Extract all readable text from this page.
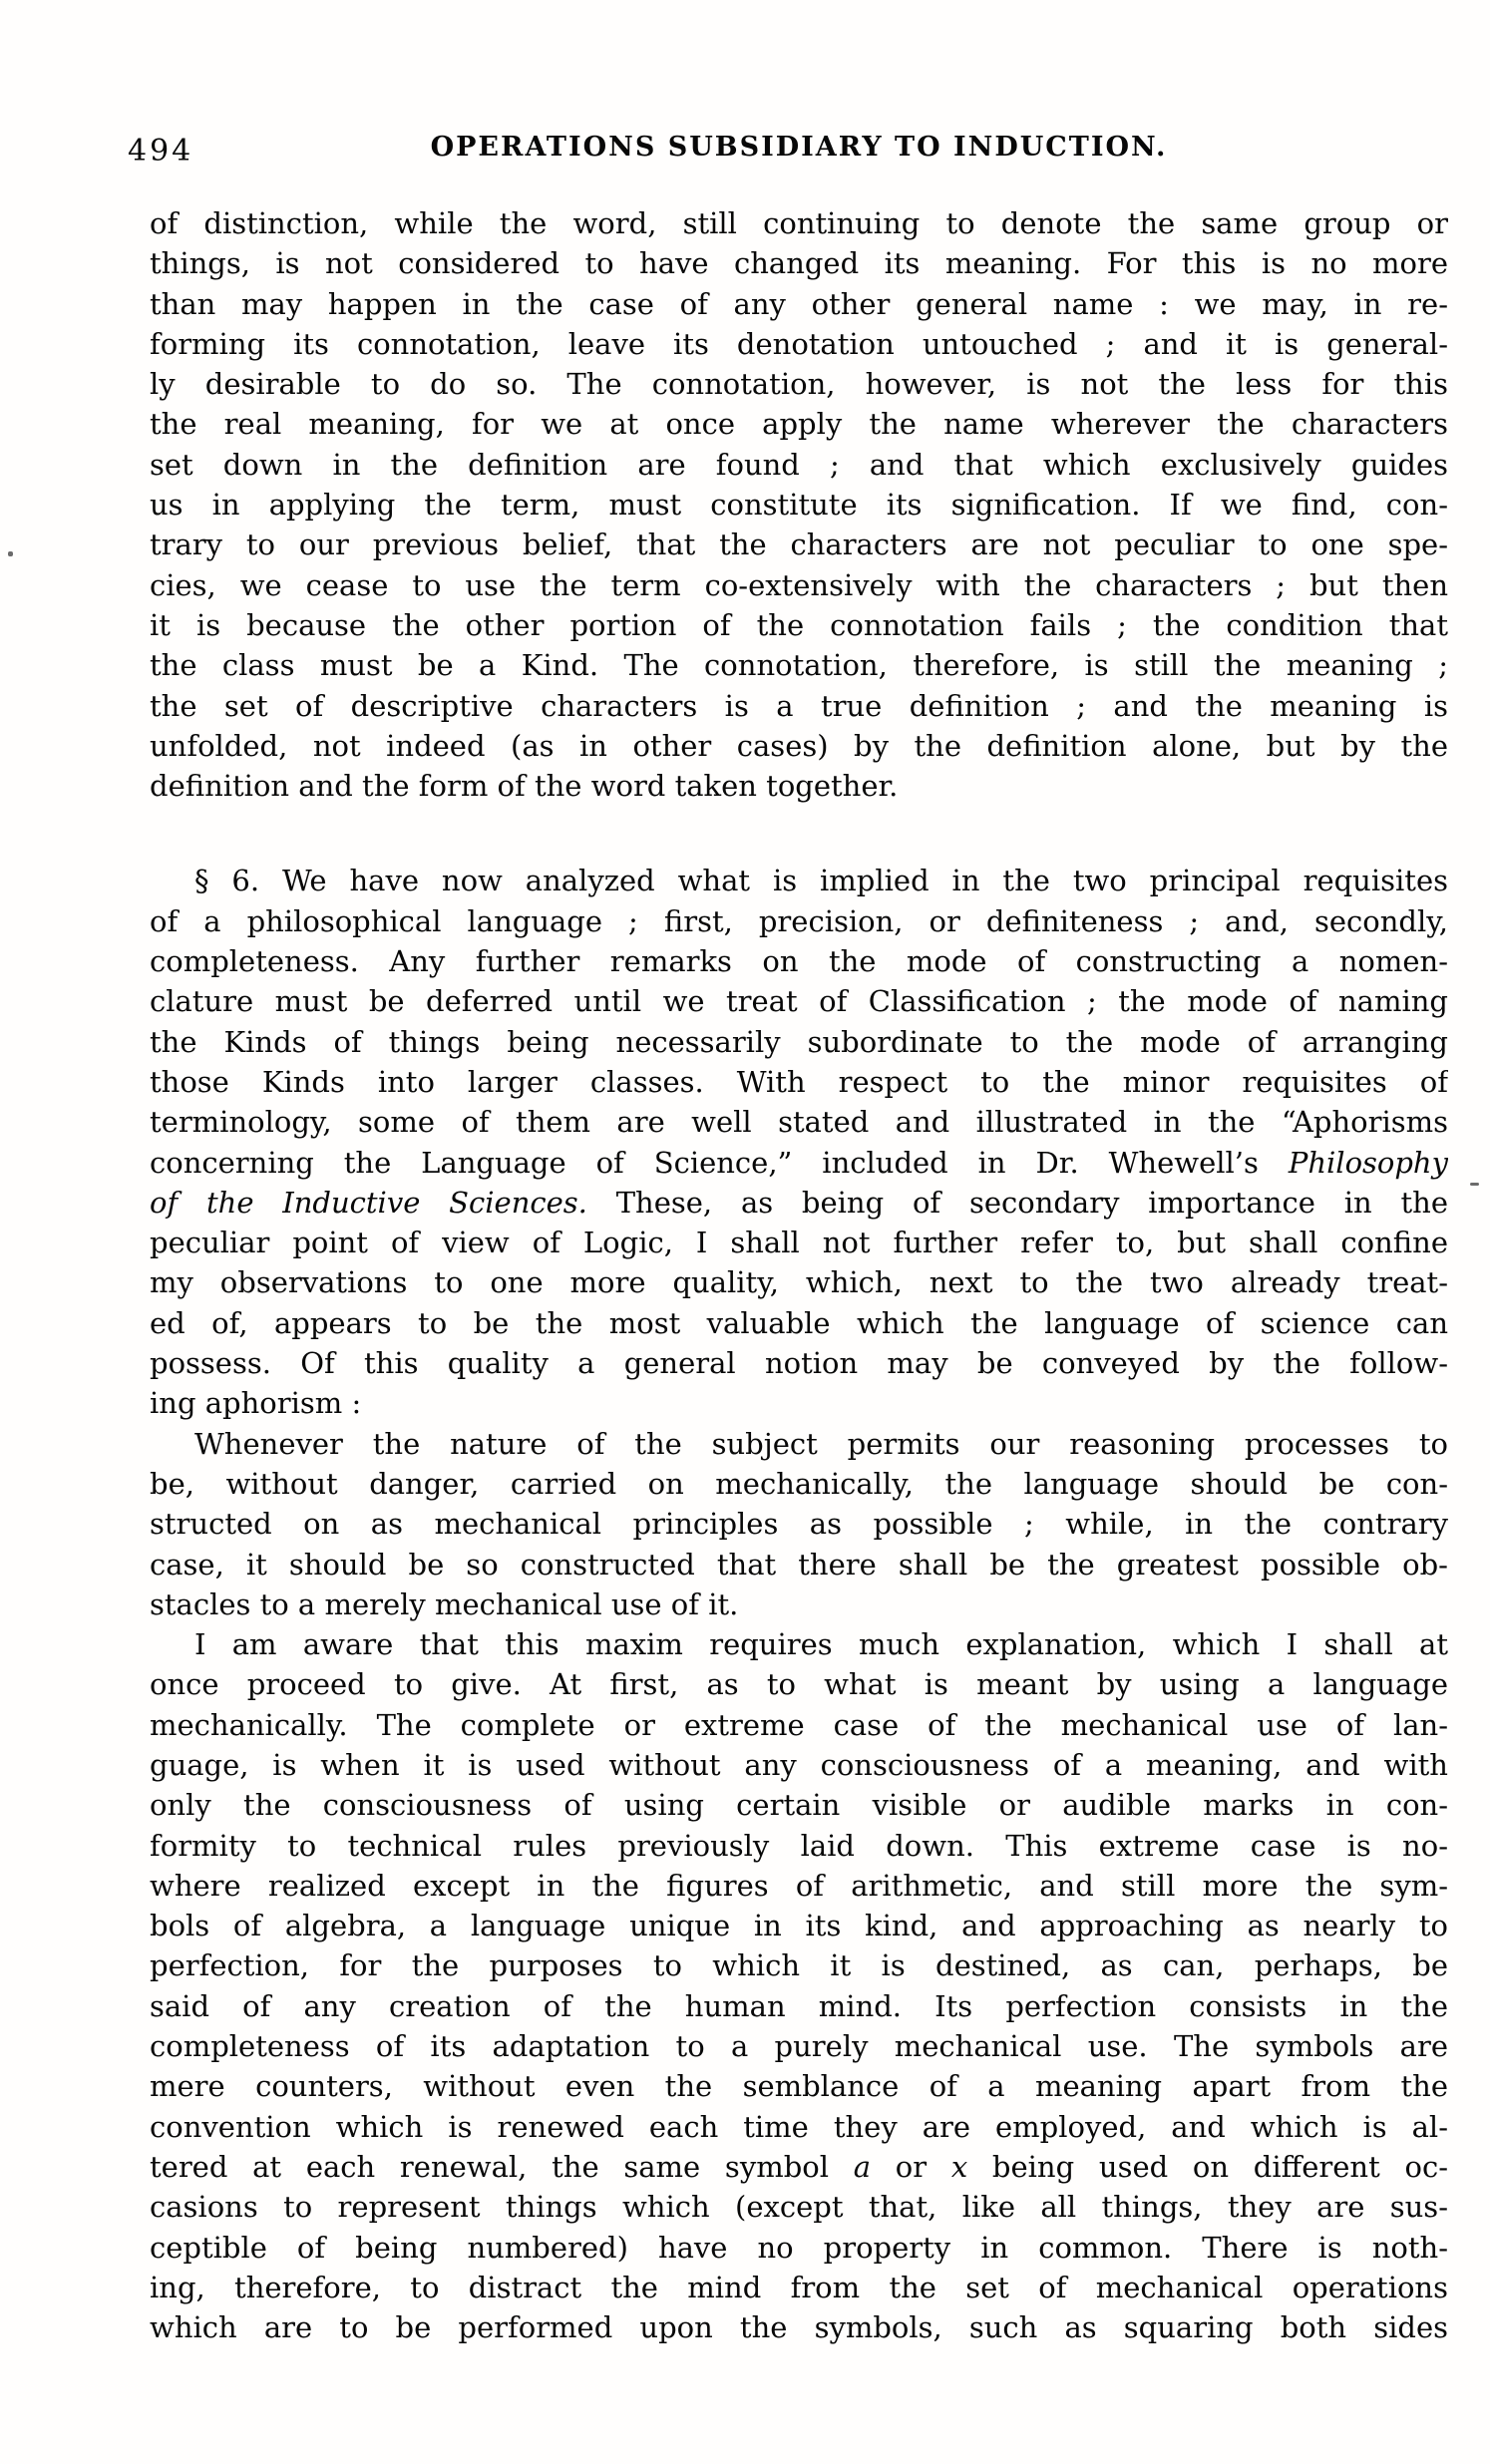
494	OPERATIONS SUBSIDIARY TO INDUCTION.
of distinction, while the word, still continuing to denote the same group or
things, is not considered to have changed its meaning. For this is no more
than may happen in the case of any other general name : we may, in re-
forming its connotation, leave its denotation untouched ; and it is general-
ly desirable to do so. The connotation, however, is not the less for this
the real meaning, for we at once apply the name wherever the characters
set down in the definition are found ; and that which exclusively guides
us in applying the term, must constitute its signification. If we find, con-
trary to our previous belief, that the characters are not peculiar to one spe-
cies, we cease to use the term co-extensively with the characters ; but then
it is because the other portion of the connotation fails ; the condition that
the class must be a Kind. The connotation, therefore, is still the meaning ;
the set of descriptive characters is a true definition ; and the meaning is
unfolded, not indeed (as in other cases) by the definition alone, but by the
definition and the form of the word taken together.
§ 6. We have now analyzed what is implied in the two principal requisites
of a philosophical language ; first, precision, or definiteness ; and, secondly,
completeness. Any further remarks on the mode of constructing a nomen-
clature must be deferred until we treat of Classification ; the mode of naming
the Kinds of things being necessarily subordinate to the mode of arranging
those Kinds into larger classes. With respect to the minor requisites of
terminology, some of them are well stated and illustrated in the “Aphorisms
concerning the Language of Science,” included in Dr. Whewell’s Philosophy
of the Inductive Sciences. These, as being of secondary importance in the
peculiar point of view of Logic, I shall not further refer to, but shall confine
my observations to one more quality, which, next to the two already treat-
ed of, appears to be the most valuable which the language of science can
possess. Of this quality a general notion may be conveyed by the follow-
ing aphorism :
Whenever the nature of the subject permits our reasoning processes to
be, without danger, carried on mechanically, the language should be con-
structed on as mechanical principles as possible ; while, in the contrary
case, it should be so constructed that there shall be the greatest possible ob-
stacles to a merely mechanical use of it.
I am aware that this maxim requires much explanation, which I shall at
once proceed to give. At first, as to what is meant by using a language
mechanically. The complete or extreme case of the mechanical use of lan-
guage, is when it is used without any consciousness of a meaning, and with
only the consciousness of using certain visible or audible marks in con-
formity to technical rules previously laid down. This extreme case is no-
where realized except in the figures of arithmetic, and still more the sym-
bols of algebra, a language unique in its kind, and approaching as nearly to
perfection, for the purposes to which it is destined, as can, perhaps, be
said of any creation of the human mind. Its perfection consists in the
completeness of its adaptation to a purely mechanical use. The symbols are
mere counters, without even the semblance of a meaning apart from the
convention which is renewed each time they are employed, and which is al-
tered at each renewal, the same symbol a or x being used on different oc-
casions to represent things which (except that, like all things, they are sus-
ceptible of being numbered) have no property in common. There is noth-
ing, therefore, to distract the mind from the set of mechanical operations
which are to be performed upon the symbols, such as squaring both sides
